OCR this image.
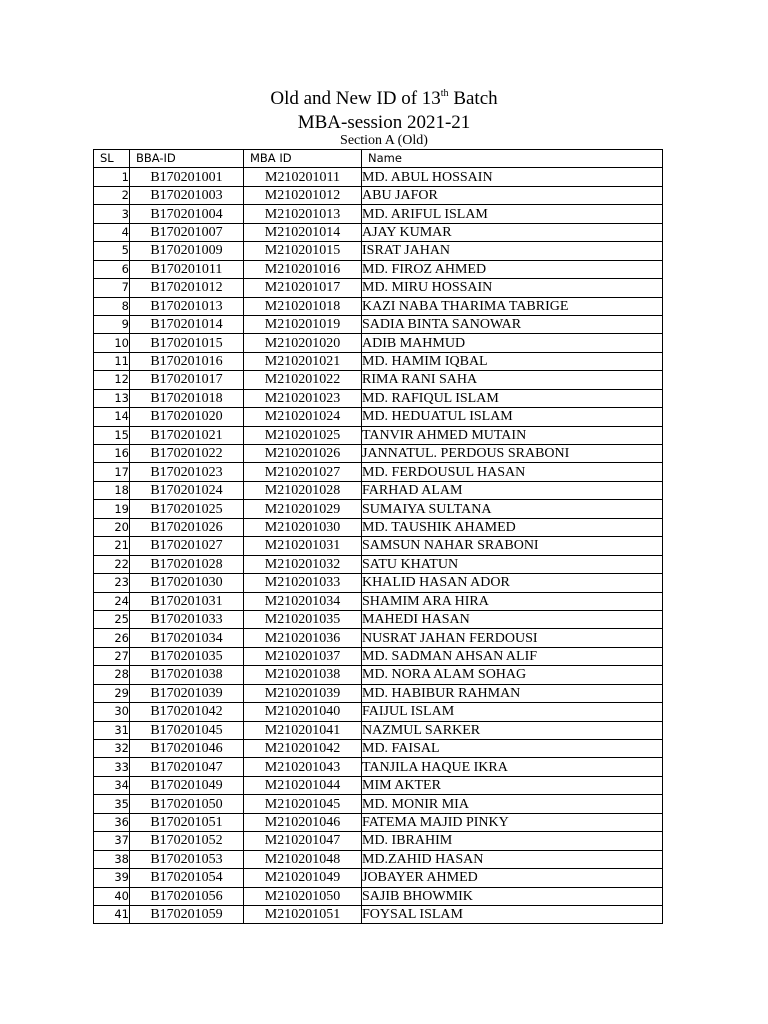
Old and New ID of 13th Batch
MBA-session 2021-21
Section A (Old)
SL	BBA-ID	MBA ID	Name
1	B170201001	M210201011	MD. ABUL HOSSAIN
2	B170201003	M210201012	ABU JAFOR
3	B170201004	M210201013	MD. ARIFUL ISLAM
4	B170201007	M210201014	AJAY KUMAR
5	B170201009	M210201015	ISRAT JAHAN
6	B170201011	M210201016	MD. FIROZ AHMED
7	B170201012	M210201017	MD. MIRU HOSSAIN
8	B170201013	M210201018	KAZI NABA THARIMA TABRIGE
9	B170201014	M210201019	SADIA BINTA SANOWAR
10	B170201015	M210201020	ADIB MAHMUD
11	B170201016	M210201021	MD. HAMIM IQBAL
12	B170201017	M210201022	RIMA RANI SAHA
13	B170201018	M210201023	MD. RAFIQUL ISLAM
14	B170201020	M210201024	MD. HEDUATUL ISLAM
15	B170201021	M210201025	TANVIR AHMED MUTAIN
16	B170201022	M210201026	JANNATUL. PERDOUS SRABONI
17	B170201023	M210201027	MD. FERDOUSUL HASAN
18	B170201024	M210201028	FARHAD ALAM
19	B170201025	M210201029	SUMAIYA SULTANA
20	B170201026	M210201030	MD. TAUSHIK AHAMED
21	B170201027	M210201031	SAMSUN NAHAR SRABONI
22	B170201028	M210201032	SATU KHATUN
23	B170201030	M210201033	KHALID HASAN ADOR
24	B170201031	M210201034	SHAMIM ARA HIRA
25	B170201033	M210201035	MAHEDI HASAN
26	B170201034	M210201036	NUSRAT JAHAN FERDOUSI
27	B170201035	M210201037	MD. SADMAN AHSAN ALIF
28	B170201038	M210201038	MD. NORA ALAM SOHAG
29	B170201039	M210201039	MD. HABIBUR RAHMAN
30	B170201042	M210201040	FAIJUL ISLAM
31	B170201045	M210201041	NAZMUL SARKER
32	B170201046	M210201042	MD. FAISAL
33	B170201047	M210201043	TANJILA HAQUE IKRA
34	B170201049	M210201044	MIM AKTER
35	B170201050	M210201045	MD. MONIR MIA
36	B170201051	M210201046	FATEMA MAJID PINKY
37	B170201052	M210201047	MD. IBRAHIM
38	B170201053	M210201048	MD.ZAHID HASAN
39	B170201054	M210201049	JOBAYER AHMED
40	B170201056	M210201050	SAJIB BHOWMIK
41	B170201059	M210201051	FOYSAL ISLAM
